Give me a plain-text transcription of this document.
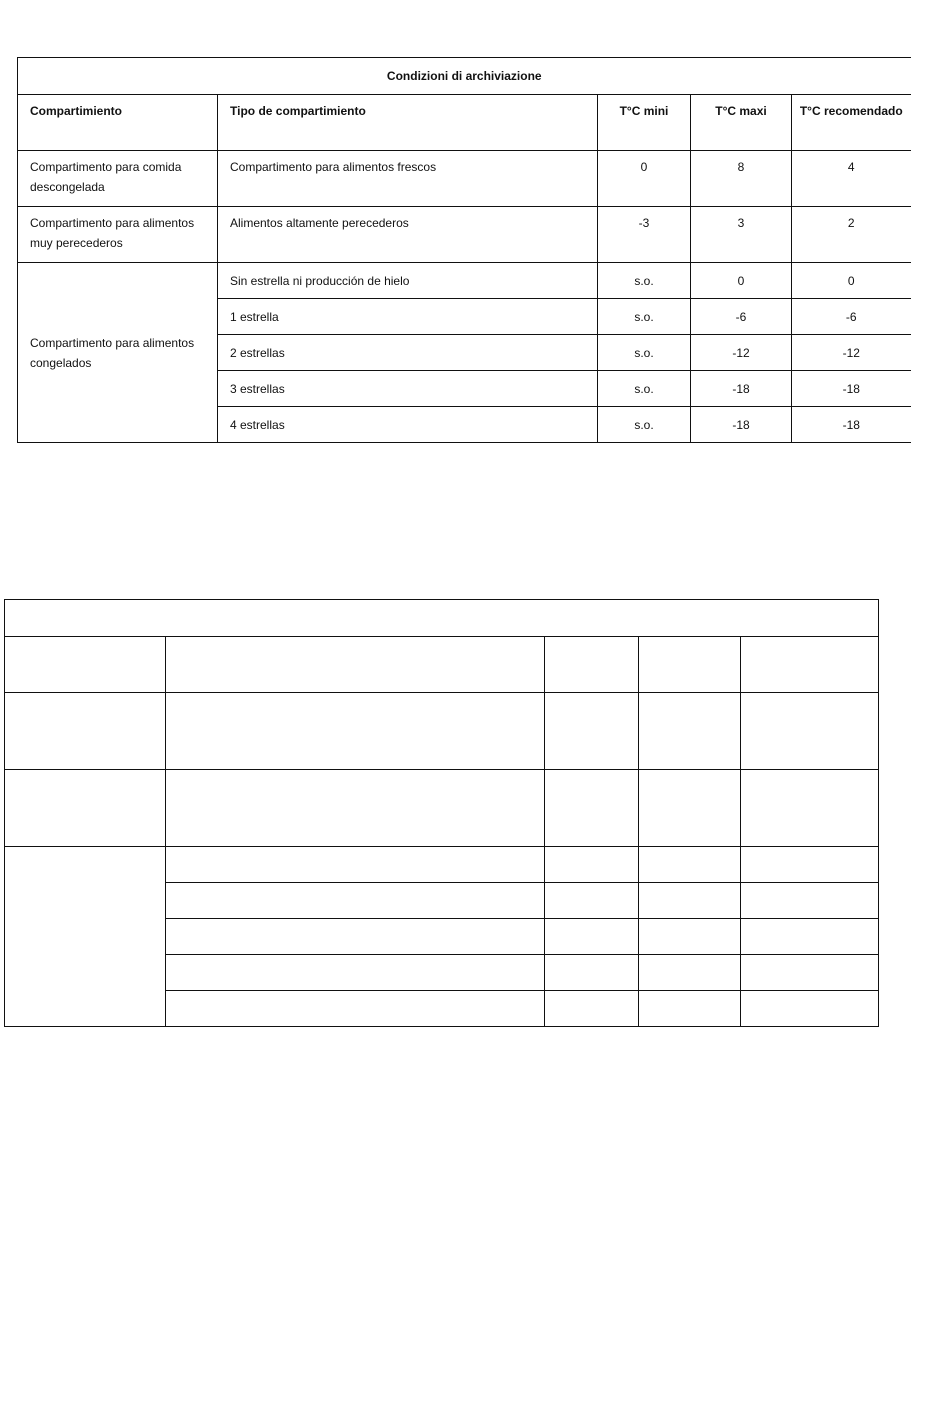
Condizioni di archiviazione				
Compartimiento	Tipo de compartimiento	T°C mini	T°C maxi	T°C recomendado
Compartimento para comida descongelada	Compartimento para alimentos frescos	0	8	4
Compartimento para alimentos muy perecederos	Alimentos altamente perecederos	-3	3	2
Compartimento para alimentos congelados	Sin estrella ni producción de hielo	s.o.	0	0
	1 estrella	s.o.	-6	-6
	2 estrellas	s.o.	-12	-12
	3 estrellas	s.o.	-18	-18
	4 estrellas	s.o.	-18	-18
